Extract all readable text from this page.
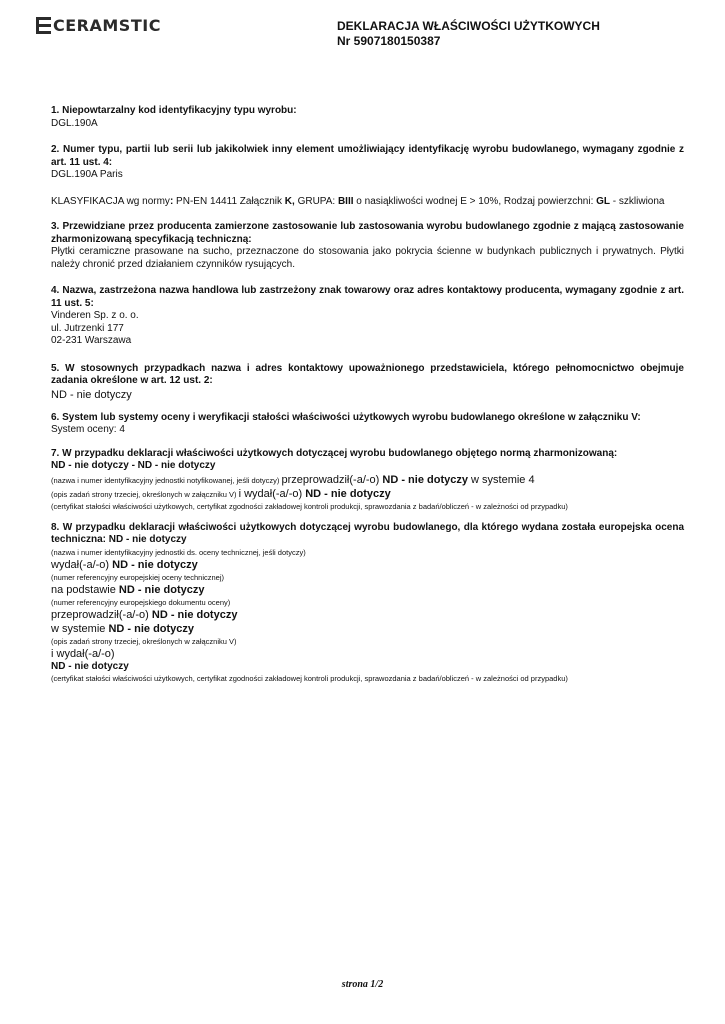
CERAMSTIC	DEKLARACJA WŁAŚCIWOŚCI UŻYTKOWYCH
Nr 5907180150387

1. Niepowtarzalny kod identyfikacyjny typu wyrobu:

DGL.190A

2. Numer typu, partii lub serii lub jakikolwiek inny element umożliwiający identyfikację wyrobu budowlanego, wymagany zgodnie z art. 11 ust. 4:

DGL.190A Paris

KLASYFIKACJA wg normy: PN-EN 14411 Załącznik K, GRUPA: BIII o nasiąkliwości wodnej E > 10%, Rodzaj powierzchni: GL - szkliwiona

3. Przewidziane przez producenta zamierzone zastosowanie lub zastosowania wyrobu budowlanego zgodnie z mającą zastosowanie zharmonizowaną specyfikacją techniczną:

Płytki ceramiczne prasowane na sucho, przeznaczone do stosowania jako pokrycia ścienne w budynkach publicznych i prywatnych. Płytki należy chronić przed działaniem czynników rysujących.

4. Nazwa, zastrzeżona nazwa handlowa lub zastrzeżony znak towarowy oraz adres kontaktowy producenta, wymagany zgodnie z art. 11 ust. 5:

Vinderen Sp. z o. o.

ul. Jutrzenki 177

02-231 Warszawa

5. W stosownych przypadkach nazwa i adres kontaktowy upoważnionego przedstawiciela, którego pełnomocnictwo obejmuje zadania określone w art. 12 ust. 2:

ND - nie dotyczy

6. System lub systemy oceny i weryfikacji stałości właściwości użytkowych wyrobu budowlanego określone w załączniku V:

System oceny: 4

7. W przypadku deklaracji właściwości użytkowych dotyczącej wyrobu budowlanego objętego normą zharmonizowaną:

ND - nie dotyczy - ND - nie dotyczy

(nazwa i numer identyfikacyjny jednostki notyfikowanej, jeśli dotyczy) przeprowadził(-a/-o) ND - nie dotyczy w systemie 4

(opis zadań strony trzeciej, określonych w załączniku V) i wydał(-a/-o) ND - nie dotyczy

(certyfikat stałości właściwości użytkowych, certyfikat zgodności zakładowej kontroli produkcji, sprawozdania z badań/obliczeń - w zależności od przypadku)

8. W przypadku deklaracji właściwości użytkowych dotyczącej wyrobu budowlanego, dla którego wydana została europejska ocena techniczna: ND - nie dotyczy

(nazwa i numer identyfikacyjny jednostki ds. oceny technicznej, jeśli dotyczy)

wydał(-a/-o) ND - nie dotyczy

(numer referencyjny europejskiej oceny technicznej)

na podstawie ND - nie dotyczy

(numer referencyjny europejskiego dokumentu oceny)

przeprowadził(-a/-o) ND - nie dotyczy

w systemie ND - nie dotyczy

(opis zadań strony trzeciej, określonych w załączniku V)

i wydał(-a/-o)

ND - nie dotyczy

(certyfikat stałości właściwości użytkowych, certyfikat zgodności zakładowej kontroli produkcji, sprawozdania z badań/obliczeń - w zależności od przypadku)

strona 1/2
